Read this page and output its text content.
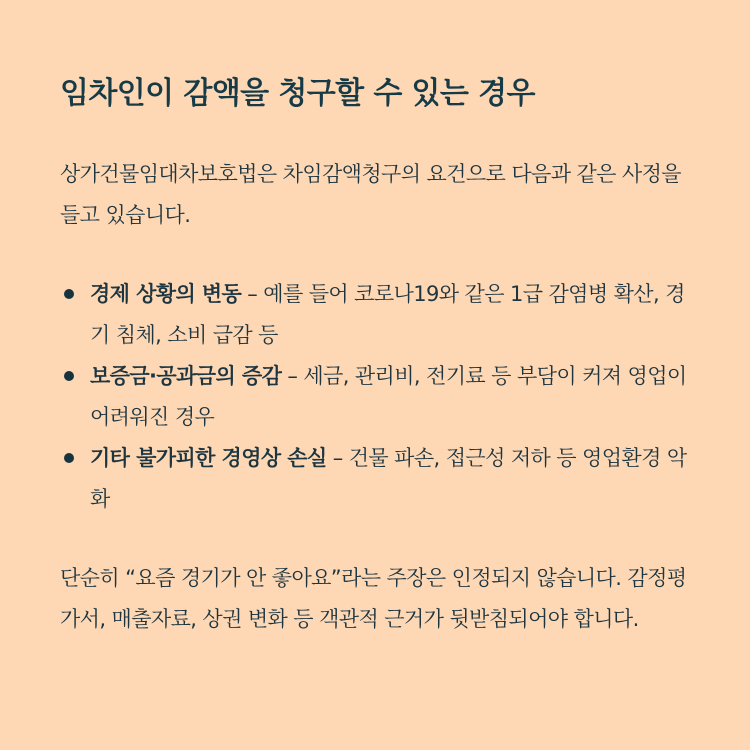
임차인이 감액을 청구할 수 있는 경우

상가건물임대차보호법은 차임감액청구의 요건으로 다음과 같은 사정을 들고 있습니다.

경제 상황의 변동 – 예를 들어 코로나19와 같은 1급 감염병 확산, 경기 침체, 소비 급감 등
보증금·공과금의 증감 – 세금, 관리비, 전기료 등 부담이 커져 영업이 어려워진 경우
기타 불가피한 경영상 손실 – 건물 파손, 접근성 저하 등 영업환경 악화

단순히 “요즘 경기가 안 좋아요”라는 주장은 인정되지 않습니다. 감정평가서, 매출자료, 상권 변화 등 객관적 근거가 뒷받침되어야 합니다.
